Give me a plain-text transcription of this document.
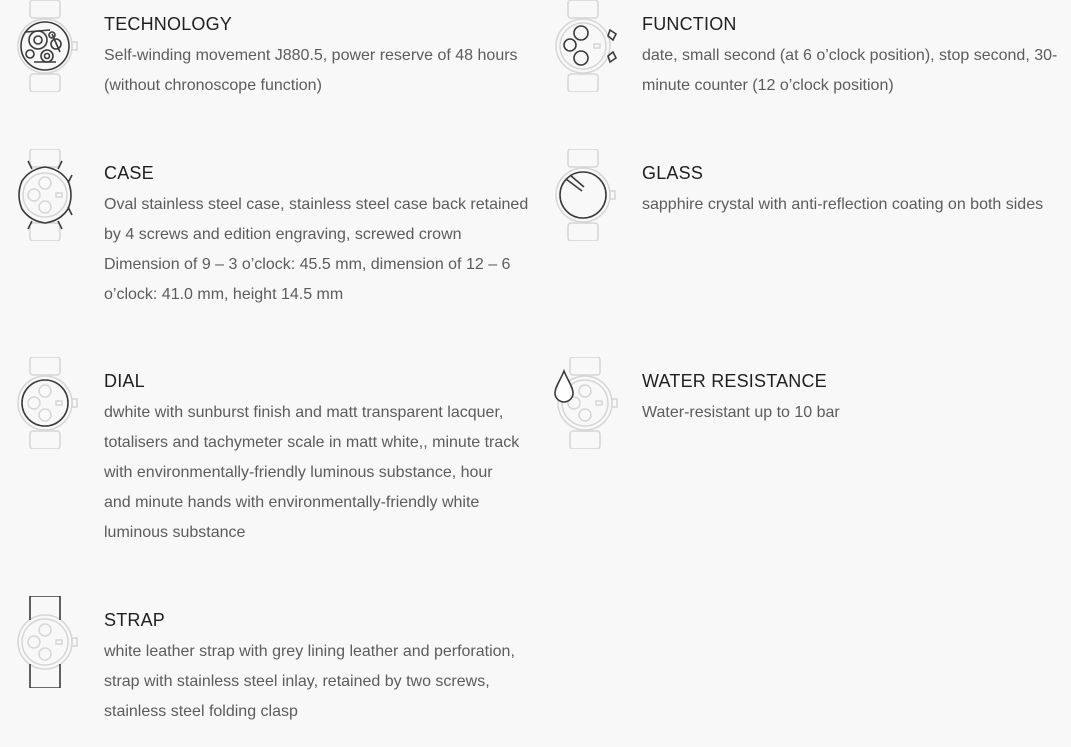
TECHNOLOGY

Self-winding movement J880.5, power reserve of 48 hours
(without chronoscope function)

FUNCTION

date, small second (at 6 o’clock position), stop second, 30-
minute counter (12 o’clock position)

CASE

Oval stainless steel case, stainless steel case back retained
by 4 screws and edition engraving, screwed crown
Dimension of 9 – 3 o’clock: 45.5 mm, dimension of 12 – 6
o’clock: 41.0 mm, height 14.5 mm

GLASS

sapphire crystal with anti-reflection coating on both sides

DIAL

dwhite with sunburst finish and matt transparent lacquer,
totalisers and tachymeter scale in matt white,, minute track
with environmentally-friendly luminous substance, hour
and minute hands with environmentally-friendly white
luminous substance

WATER RESISTANCE

Water-resistant up to 10 bar

STRAP

white leather strap with grey lining leather and perforation,
strap with stainless steel inlay, retained by two screws,
stainless steel folding clasp
